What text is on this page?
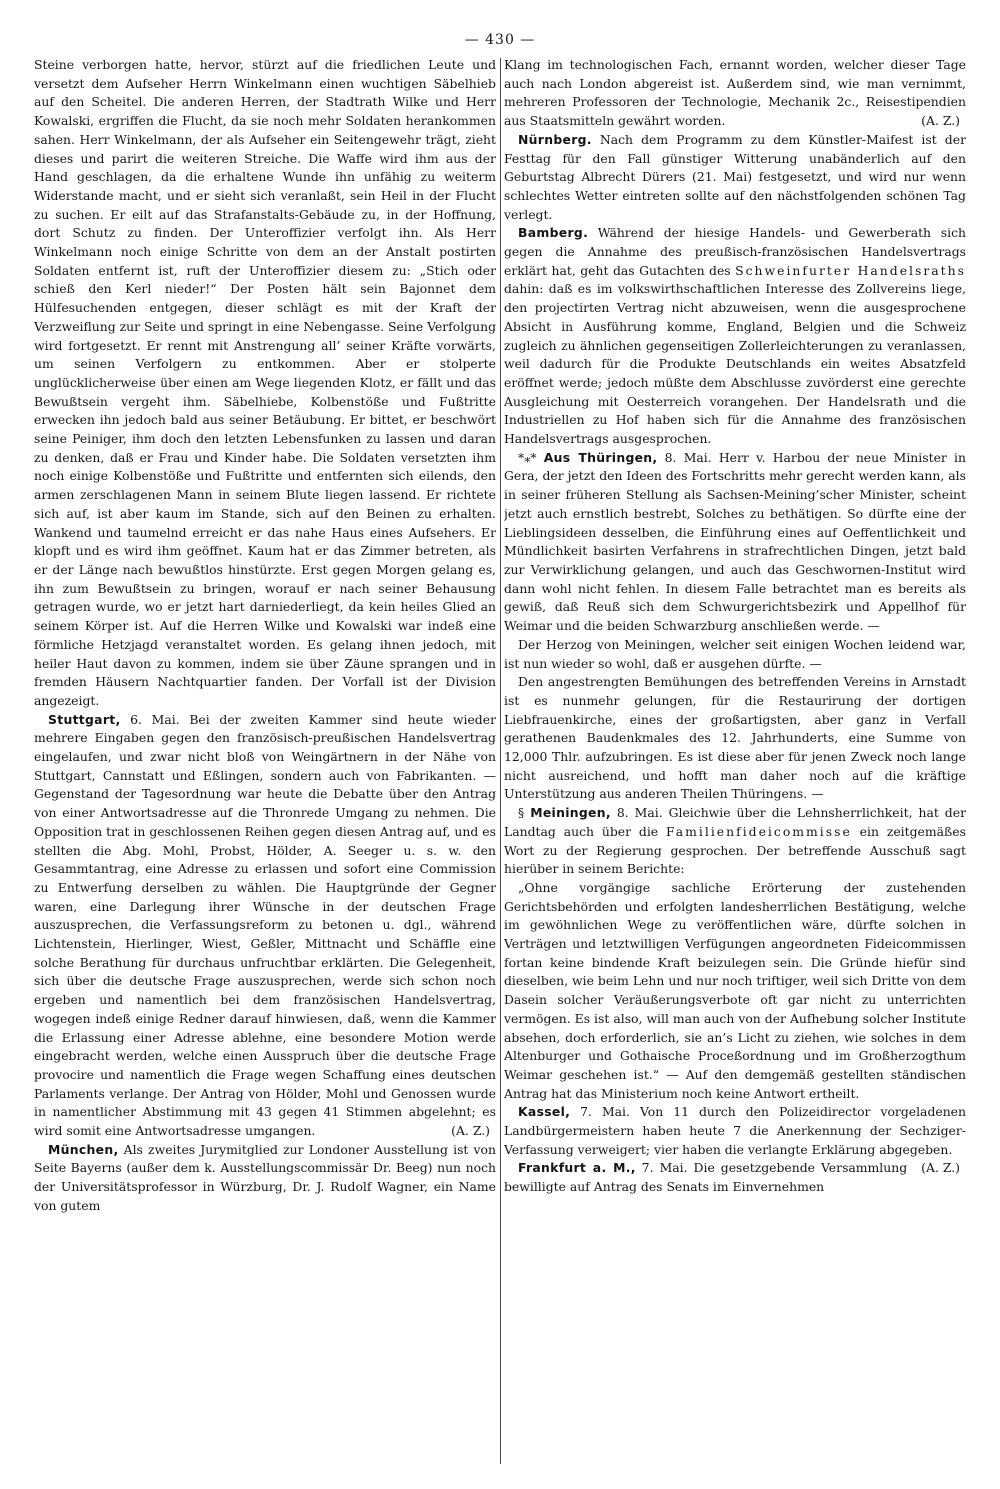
— 430 —

Steine verborgen hatte, hervor, stürzt auf die friedlichen Leute und versetzt dem Aufseher Herrn Winkelmann einen wuchtigen Säbelhieb auf den Scheitel. Die anderen Herren, der Stadtrath Wilke und Herr Kowalski, ergriffen die Flucht, da sie noch mehr Soldaten herankommen sahen. Herr Winkelmann, der als Aufseher ein Seitengewehr trägt, zieht dieses und parirt die weiteren Streiche. Die Waffe wird ihm aus der Hand geschlagen, da die erhaltene Wunde ihn unfähig zu weiterm Widerstande macht, und er sieht sich veranlaßt, sein Heil in der Flucht zu suchen. Er eilt auf das Strafanstalts-Gebäude zu, in der Hoffnung, dort Schutz zu finden. Der Unteroffizier verfolgt ihn. Als Herr Winkelmann noch einige Schritte von dem an der Anstalt postirten Soldaten entfernt ist, ruft der Unteroffizier diesem zu: „Stich oder schieß den Kerl nieder!“ Der Posten hält sein Bajonnet dem Hülfesuchenden entgegen, dieser schlägt es mit der Kraft der Verzweiflung zur Seite und springt in eine Nebengasse. Seine Verfolgung wird fortgesetzt. Er rennt mit Anstrengung all’ seiner Kräfte vorwärts, um seinen Verfolgern zu entkommen. Aber er stolperte unglücklicherweise über einen am Wege liegenden Klotz, er fällt und das Bewußtsein vergeht ihm. Säbelhiebe, Kolbenstöße und Fußtritte erwecken ihn jedoch bald aus seiner Betäubung. Er bittet, er beschwört seine Peiniger, ihm doch den letzten Lebensfunken zu lassen und daran zu denken, daß er Frau und Kinder habe. Die Soldaten versetzten ihm noch einige Kolbenstöße und Fußtritte und entfernten sich eilends, den armen zerschlagenen Mann in seinem Blute liegen lassend. Er richtete sich auf, ist aber kaum im Stande, sich auf den Beinen zu erhalten. Wankend und taumelnd erreicht er das nahe Haus eines Aufsehers. Er klopft und es wird ihm geöffnet. Kaum hat er das Zimmer betreten, als er der Länge nach bewußtlos hinstürzte. Erst gegen Morgen gelang es, ihn zum Bewußtsein zu bringen, worauf er nach seiner Behausung getragen wurde, wo er jetzt hart darniederliegt, da kein heiles Glied an seinem Körper ist. Auf die Herren Wilke und Kowalski war indeß eine förmliche Hetzjagd veranstaltet worden. Es gelang ihnen jedoch, mit heiler Haut davon zu kommen, indem sie über Zäune sprangen und in fremden Häusern Nachtquartier fanden. Der Vorfall ist der Division angezeigt.

Stuttgart, 6. Mai. Bei der zweiten Kammer sind heute wieder mehrere Eingaben gegen den französisch-preußischen Handelsvertrag eingelaufen, und zwar nicht bloß von Weingärtnern in der Nähe von Stuttgart, Cannstatt und Eßlingen, sondern auch von Fabrikanten. — Gegenstand der Tagesordnung war heute die Debatte über den Antrag von einer Antwortsadresse auf die Thronrede Umgang zu nehmen. Die Opposition trat in geschlossenen Reihen gegen diesen Antrag auf, und es stellten die Abg. Mohl, Probst, Hölder, A. Seeger u. s. w. den Gesammtantrag, eine Adresse zu erlassen und sofort eine Commission zu Entwerfung derselben zu wählen. Die Hauptgründe der Gegner waren, eine Darlegung ihrer Wünsche in der deutschen Frage auszusprechen, die Verfassungsreform zu betonen u. dgl., während Lichtenstein, Hierlinger, Wiest, Geßler, Mittnacht und Schäffle eine solche Berathung für durchaus unfruchtbar erklärten. Die Gelegenheit, sich über die deutsche Frage auszusprechen, werde sich schon noch ergeben und namentlich bei dem französischen Handelsvertrag, wogegen indeß einige Redner darauf hinwiesen, daß, wenn die Kammer die Erlassung einer Adresse ablehne, eine besondere Motion werde eingebracht werden, welche einen Ausspruch über die deutsche Frage provocire und namentlich die Frage wegen Schaffung eines deutschen Parlaments verlange. Der Antrag von Hölder, Mohl und Genossen wurde in namentlicher Abstimmung mit 43 gegen 41 Stimmen abgelehnt; es wird somit eine Antwortsadresse umgangen.	(A. Z.)

München, Als zweites Jurymitglied zur Londoner Ausstellung ist von Seite Bayerns (außer dem k. Ausstellungscommissär Dr. Beeg) nun noch der Universitätsprofessor in Würzburg, Dr. J. Rudolf Wagner, ein Name von gutem

Klang im technologischen Fach, ernannt worden, welcher dieser Tage auch nach London abgereist ist. Außerdem sind, wie man vernimmt, mehreren Professoren der Technologie, Mechanik 2c., Reisestipendien aus Staatsmitteln gewährt worden.	(A. Z.)

Nürnberg. Nach dem Programm zu dem Künstler-Maifest ist der Festtag für den Fall günstiger Witterung unabänderlich auf den Geburtstag Albrecht Dürers (21. Mai) festgesetzt, und wird nur wenn schlechtes Wetter eintreten sollte auf den nächstfolgenden schönen Tag verlegt.

Bamberg. Während der hiesige Handels- und Gewerberath sich gegen die Annahme des preußisch-französischen Handelsvertrags erklärt hat, geht das Gutachten des Schweinfurter Handelsraths dahin: daß es im volkswirthschaftlichen Interesse des Zollvereins liege, den projectirten Vertrag nicht abzuweisen, wenn die ausgesprochene Absicht in Ausführung komme, England, Belgien und die Schweiz zugleich zu ähnlichen gegenseitigen Zollerleichterungen zu veranlassen, weil dadurch für die Produkte Deutschlands ein weites Absatzfeld eröffnet werde; jedoch müßte dem Abschlusse zuvörderst eine gerechte Ausgleichung mit Oesterreich vorangehen. Der Handelsrath und die Industriellen zu Hof haben sich für die Annahme des französischen Handelsvertrags ausgesprochen.

*⁎* Aus Thüringen, 8. Mai. Herr v. Harbou der neue Minister in Gera, der jetzt den Ideen des Fortschritts mehr gerecht werden kann, als in seiner früheren Stellung als Sachsen-Meining’scher Minister, scheint jetzt auch ernstlich bestrebt, Solches zu bethätigen. So dürfte eine der Lieblingsideen desselben, die Einführung eines auf Oeffentlichkeit und Mündlichkeit basirten Verfahrens in strafrechtlichen Dingen, jetzt bald zur Verwirklichung gelangen, und auch das Geschwornen-Institut wird dann wohl nicht fehlen. In diesem Falle betrachtet man es bereits als gewiß, daß Reuß sich dem Schwurgerichtsbezirk und Appellhof für Weimar und die beiden Schwarzburg anschließen werde. —

Der Herzog von Meiningen, welcher seit einigen Wochen leidend war, ist nun wieder so wohl, daß er ausgehen dürfte. —

Den angestrengten Bemühungen des betreffenden Vereins in Arnstadt ist es nunmehr gelungen, für die Restaurirung der dortigen Liebfrauenkirche, eines der großartigsten, aber ganz in Verfall gerathenen Baudenkmales des 12. Jahrhunderts, eine Summe von 12,000 Thlr. aufzubringen. Es ist diese aber für jenen Zweck noch lange nicht ausreichend, und hofft man daher noch auf die kräftige Unterstützung aus anderen Theilen Thüringens. —

§ Meiningen, 8. Mai. Gleichwie über die Lehnsherrlichkeit, hat der Landtag auch über die Familienfideicommisse ein zeitgemäßes Wort zu der Regierung gesprochen. Der betreffende Ausschuß sagt hierüber in seinem Berichte:

„Ohne vorgängige sachliche Erörterung der zustehenden Gerichtsbehörden und erfolgten landesherrlichen Bestätigung, welche im gewöhnlichen Wege zu veröffentlichen wäre, dürfte solchen in Verträgen und letztwilligen Verfügungen angeordneten Fideicommissen fortan keine bindende Kraft beizulegen sein. Die Gründe hiefür sind dieselben, wie beim Lehn und nur noch triftiger, weil sich Dritte von dem Dasein solcher Veräußerungsverbote oft gar nicht zu unterrichten vermögen. Es ist also, will man auch von der Aufhebung solcher Institute absehen, doch erforderlich, sie an’s Licht zu ziehen, wie solches in dem Altenburger und Gothaische Proceßordnung und im Großherzogthum Weimar geschehen ist.“ — Auf den demgemäß gestellten ständischen Antrag hat das Ministerium noch keine Antwort ertheilt.

Kassel, 7. Mai. Von 11 durch den Polizeidirector vorgeladenen Landbürgermeistern haben heute 7 die Anerkennung der Sechziger-Verfassung verweigert; vier haben die verlangte Erklärung abgegeben.
(A. Z.)

Frankfurt a. M., 7. Mai. Die gesetzgebende Versammlung bewilligte auf Antrag des Senats im Einvernehmen
